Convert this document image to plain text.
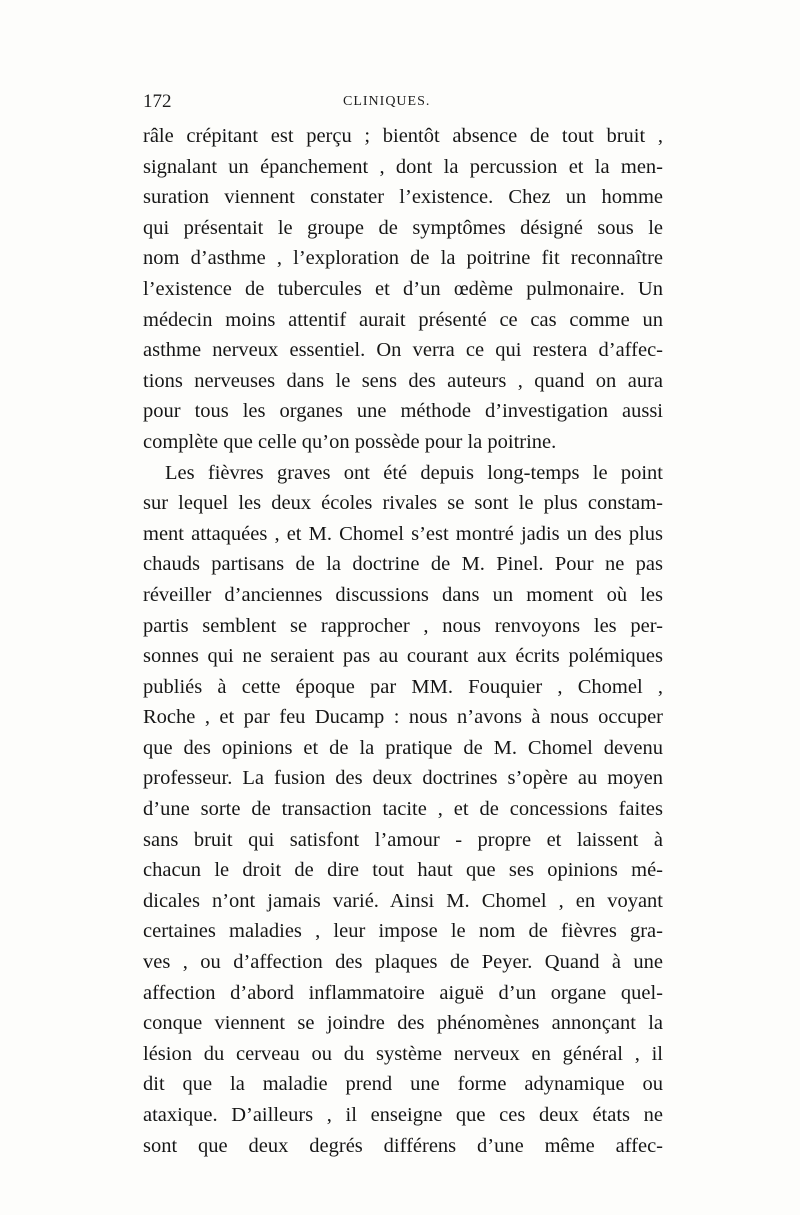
172	CLINIQUES.
râle crépitant est perçu ; bientôt absence de tout bruit ,
signalant un épanchement , dont la percussion et la men-
suration viennent constater l’existence. Chez un homme
qui présentait le groupe de symptômes désigné sous le
nom d’asthme , l’exploration de la poitrine fit reconnaître
l’existence de tubercules et d’un œdème pulmonaire. Un
médecin moins attentif aurait présenté ce cas comme un
asthme nerveux essentiel. On verra ce qui restera d’affec-
tions nerveuses dans le sens des auteurs , quand on aura
pour tous les organes une méthode d’investigation aussi
complète que celle qu’on possède pour la poitrine.
Les fièvres graves ont été depuis long-temps le point
sur lequel les deux écoles rivales se sont le plus constam-
ment attaquées , et M. Chomel s’est montré jadis un des plus
chauds partisans de la doctrine de M. Pinel. Pour ne pas
réveiller d’anciennes discussions dans un moment où les
partis semblent se rapprocher , nous renvoyons les per-
sonnes qui ne seraient pas au courant aux écrits polémiques
publiés à cette époque par MM. Fouquier , Chomel ,
Roche , et par feu Ducamp : nous n’avons à nous occuper
que des opinions et de la pratique de M. Chomel devenu
professeur. La fusion des deux doctrines s’opère au moyen
d’une sorte de transaction tacite , et de concessions faites
sans bruit qui satisfont l’amour - propre et laissent à
chacun le droit de dire tout haut que ses opinions mé-
dicales n’ont jamais varié. Ainsi M. Chomel , en voyant
certaines maladies , leur impose le nom de fièvres gra-
ves , ou d’affection des plaques de Peyer. Quand à une
affection d’abord inflammatoire aiguë d’un organe quel-
conque viennent se joindre des phénomènes annonçant la
lésion du cerveau ou du système nerveux en général , il
dit que la maladie prend une forme adynamique ou
ataxique. D’ailleurs , il enseigne que ces deux états ne
sont que deux degrés différens d’une même affec-
